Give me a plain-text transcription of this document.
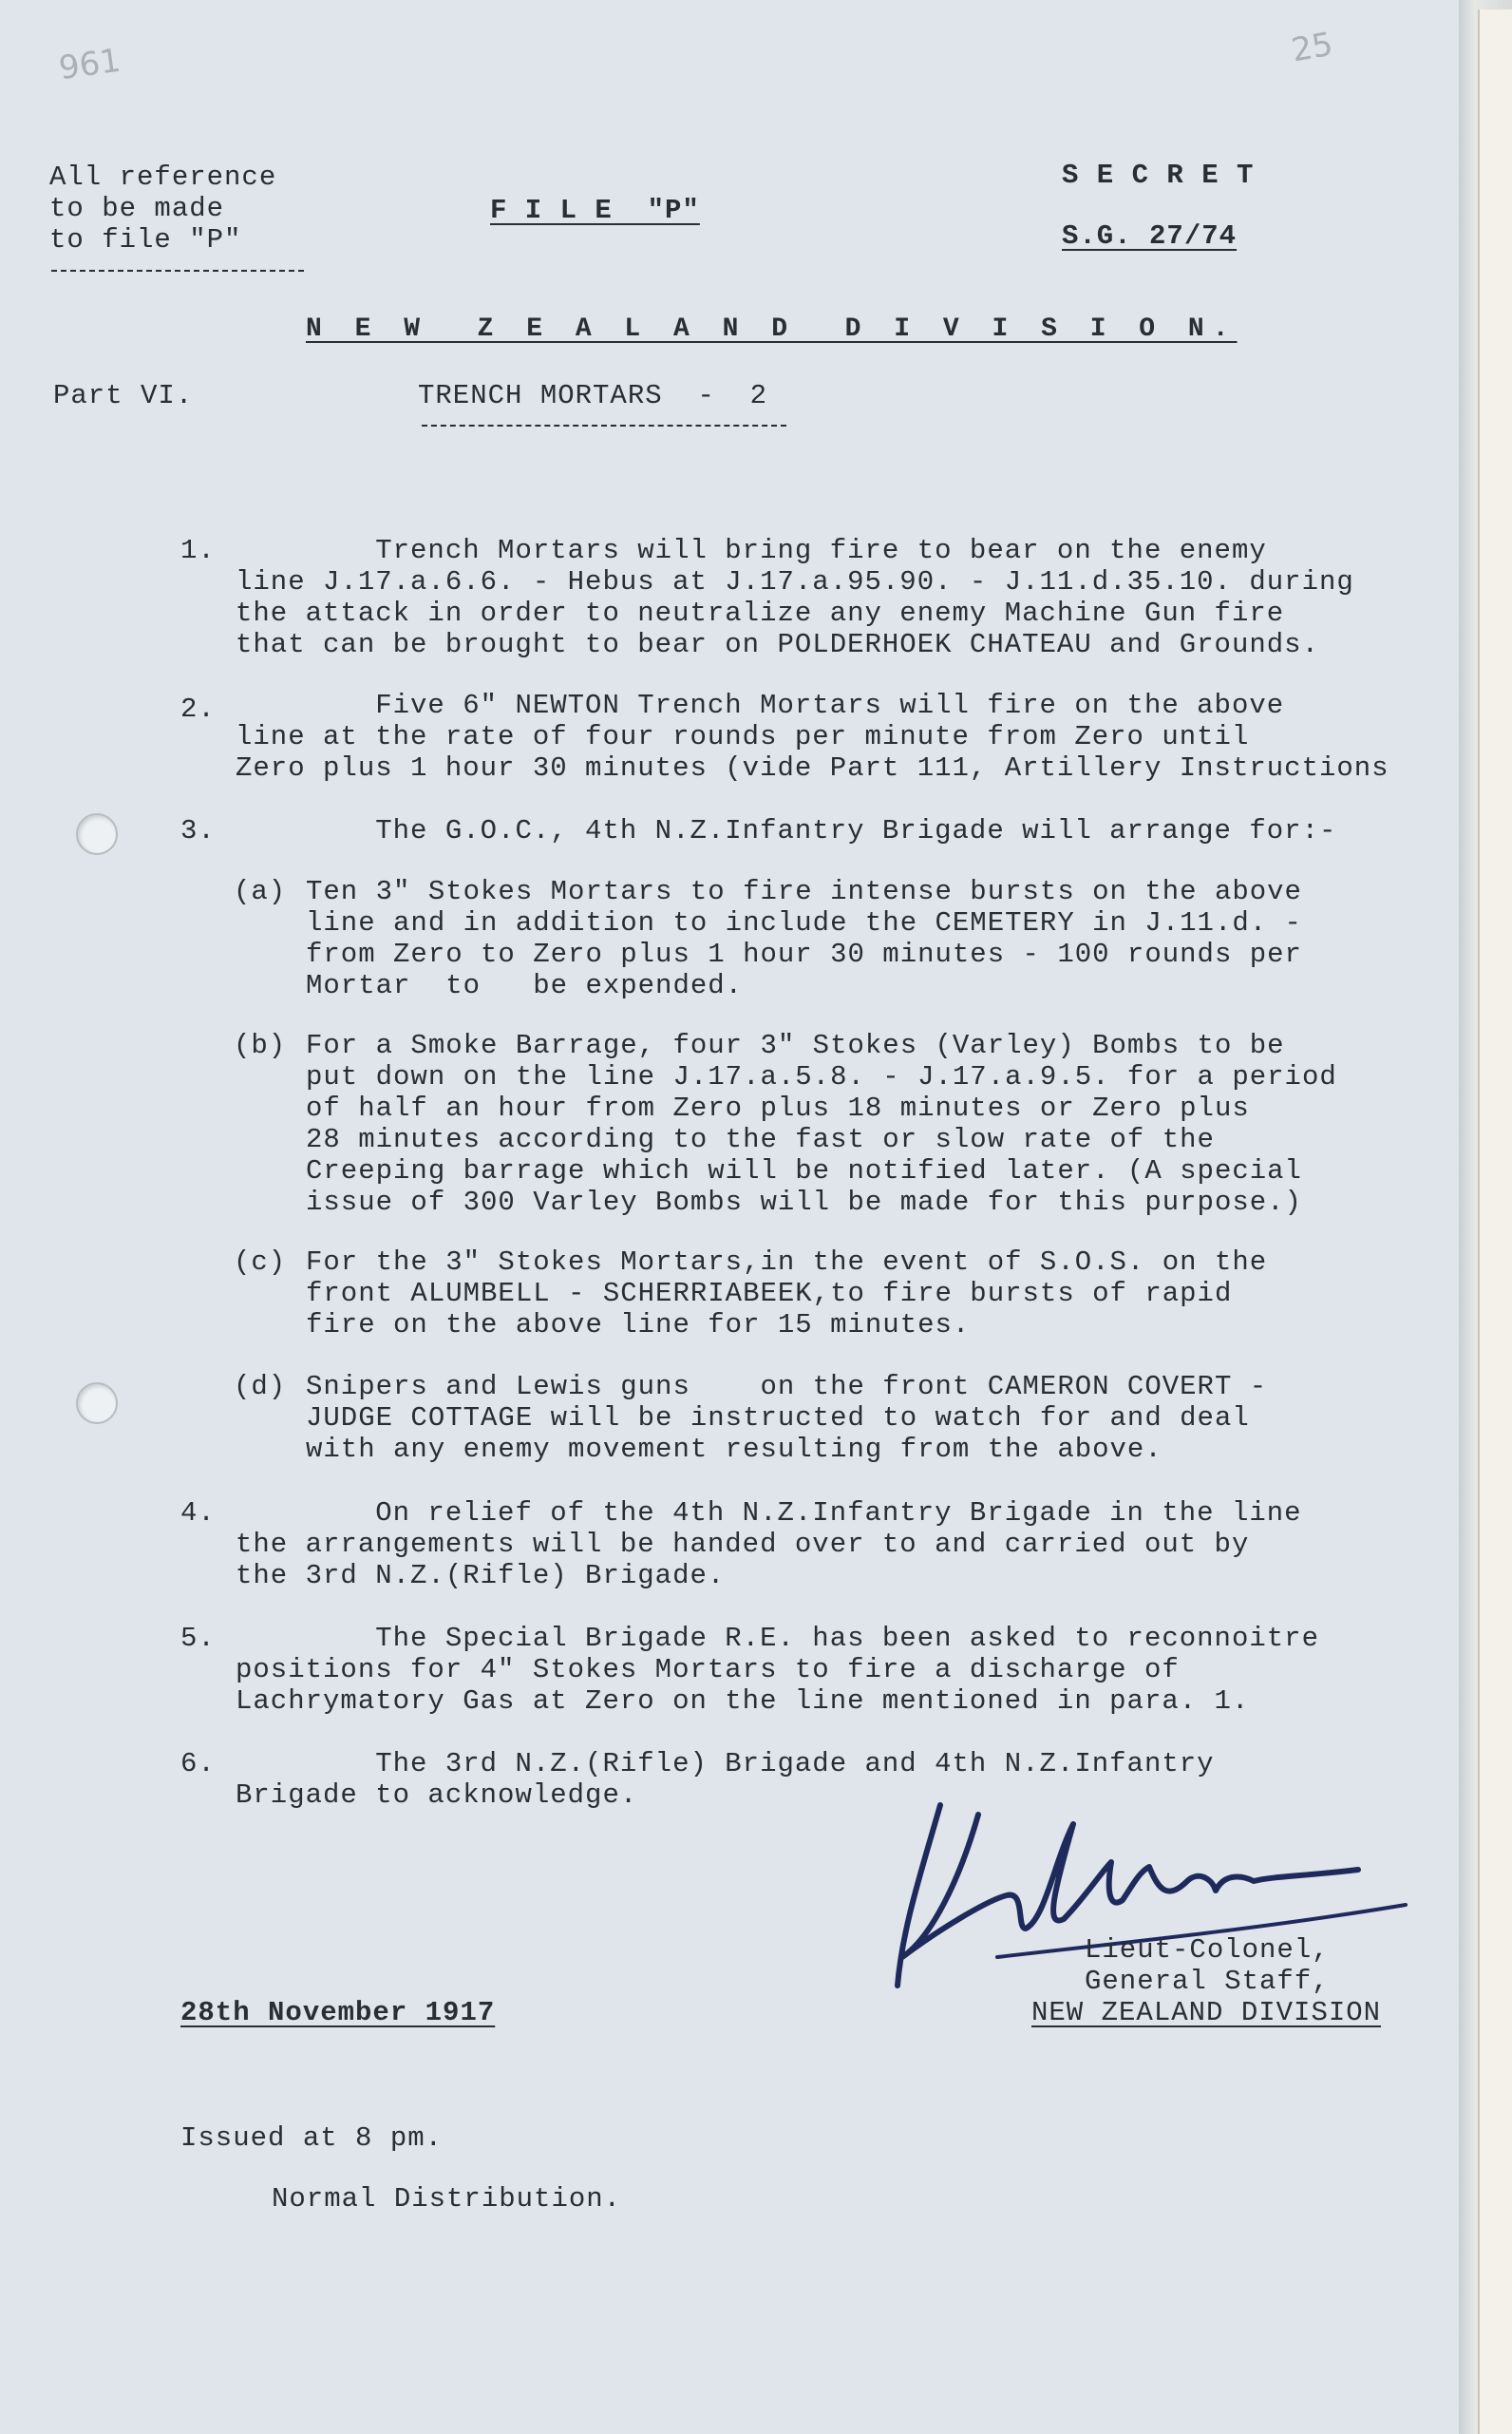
961	25
All reference
to be made
to file "P"
F I L E  "P"
S E C R E T
S.G. 27/74
N E W  Z E A L A N D  D I V I S I O N.
Part VI.	TRENCH MORTARS  -  2
1. Trench Mortars will bring fire to bear on the enemy
line J.17.a.6.6. - Hebus at J.17.a.95.90. - J.11.d.35.10. during
the attack in order to neutralize any enemy Machine Gun fire
that can be brought to bear on POLDERHOEK CHATEAU and Grounds.
2. Five 6" NEWTON Trench Mortars will fire on the above
line at the rate of four rounds per minute from Zero until
Zero plus 1 hour 30 minutes (vide Part 111, Artillery Instructions
3. The G.O.C., 4th N.Z.Infantry Brigade will arrange for:-
(a) Ten 3" Stokes Mortars to fire intense bursts on the above
line and in addition to include the CEMETERY in J.11.d. -
from Zero to Zero plus 1 hour 30 minutes - 100 rounds per
Mortar  to   be expended.
(b) For a Smoke Barrage, four 3" Stokes (Varley) Bombs to be
put down on the line J.17.a.5.8. - J.17.a.9.5. for a period
of half an hour from Zero plus 18 minutes or Zero plus
28 minutes according to the fast or slow rate of the
Creeping barrage which will be notified later. (A special
issue of 300 Varley Bombs will be made for this purpose.)
(c) For the 3" Stokes Mortars,in the event of S.O.S. on the
front ALUMBELL - SCHERRIABEEK,to fire bursts of rapid
fire on the above line for 15 minutes.
(d) Snipers and Lewis guns    on the front CAMERON COVERT -
JUDGE COTTAGE will be instructed to watch for and deal
with any enemy movement resulting from the above.
4. On relief of the 4th N.Z.Infantry Brigade in the line
the arrangements will be handed over to and carried out by
the 3rd N.Z.(Rifle) Brigade.
5. The Special Brigade R.E. has been asked to reconnoitre
positions for 4" Stokes Mortars to fire a discharge of
Lachrymatory Gas at Zero on the line mentioned in para. 1.
6. The 3rd N.Z.(Rifle) Brigade and 4th N.Z.Infantry
Brigade to acknowledge.
Lieut-Colonel,
General Staff,
NEW ZEALAND DIVISION
28th November 1917
Issued at 8 pm.
Normal Distribution.
